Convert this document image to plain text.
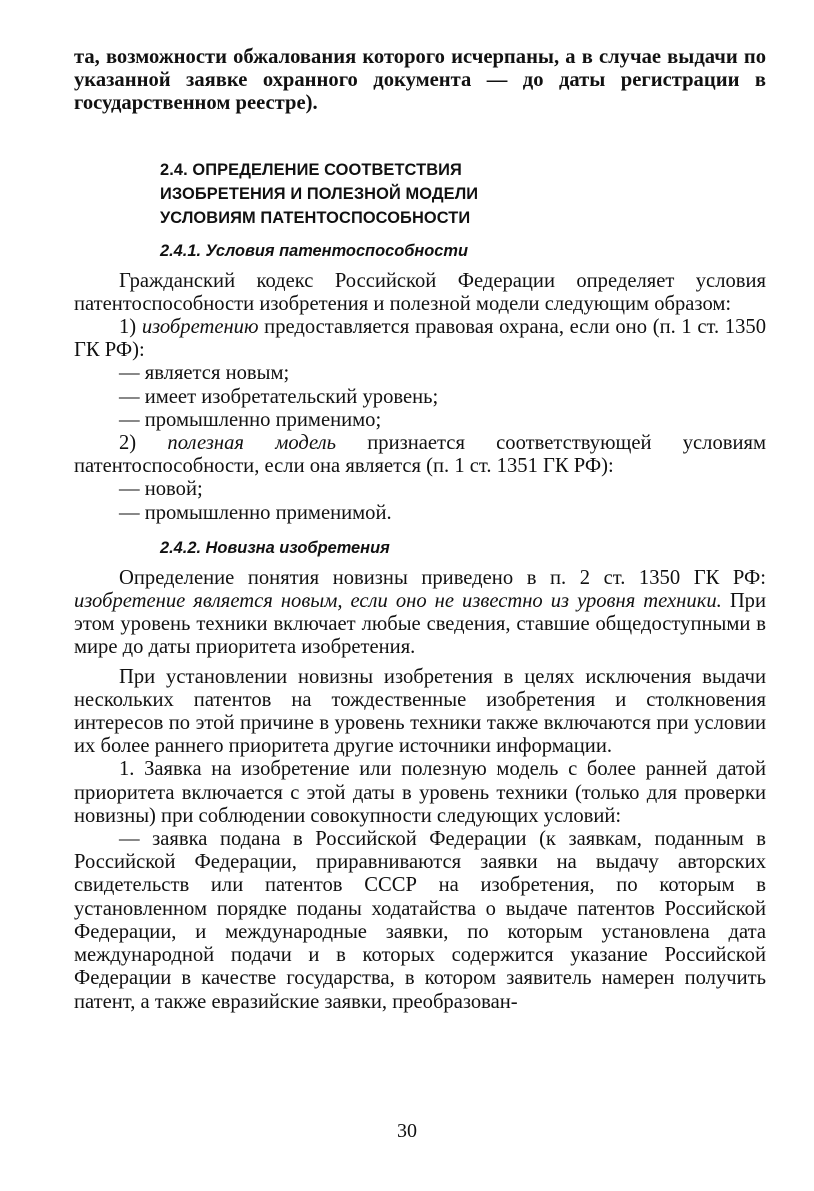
та, возможности обжалования которого исчерпаны, а в случае выдачи по указанной заявке охранного документа — до даты регистрации в государственном реестре).

2.4. ОПРЕДЕЛЕНИЕ СООТВЕТСТВИЯ
ИЗОБРЕТЕНИЯ И ПОЛЕЗНОЙ МОДЕЛИ
УСЛОВИЯМ ПАТЕНТОСПОСОБНОСТИ
2.4.1. Условия патентоспособности

Гражданский кодекс Российской Федерации определяет условия патентоспособности изобретения и полезной модели следующим образом:

1) изобретению предоставляется правовая охрана, если оно (п. 1 ст. 1350 ГК РФ):

— является новым;

— имеет изобретательский уровень;

— промышленно применимо;

2) полезная модель признается соответствующей условиям патентоспособности, если она является (п. 1 ст. 1351 ГК РФ):

— новой;

— промышленно применимой.

2.4.2. Новизна изобретения

Определение понятия новизны приведено в п. 2 ст. 1350 ГК РФ: изобретение является новым, если оно не известно из уровня техники. При этом уровень техники включает любые сведения, ставшие общедоступными в мире до даты приоритета изобретения.

При установлении новизны изобретения в целях исключения выдачи нескольких патентов на тождественные изобретения и столкновения интересов по этой причине в уровень техники также включаются при условии их более раннего приоритета другие источники информации.

1. Заявка на изобретение или полезную модель с более ранней датой приоритета включается с этой даты в уровень техники (только для проверки новизны) при соблюдении совокупности следующих условий:

— заявка подана в Российской Федерации (к заявкам, поданным в Российской Федерации, приравниваются заявки на выдачу авторских свидетельств или патентов СССР на изобретения, по которым в установленном порядке поданы ходатайства о выдаче патентов Российской Федерации, и международные заявки, по которым установлена дата международной подачи и в которых содержится указание Российской Федерации в качестве государства, в котором заявитель намерен получить патент, а также евразийские заявки, преобразован-

30
